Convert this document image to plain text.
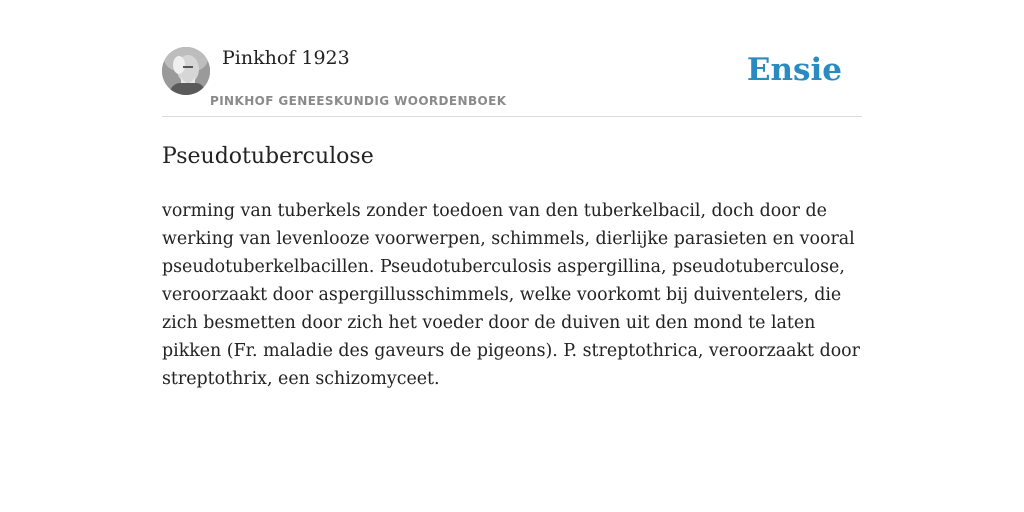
Pinkhof 1923
PINKHOF GENEESKUNDIG WOORDENBOEK
Ensie
Pseudotuberculose

vorming van tuberkels zonder toedoen van den tuberkelbacil, doch door de werking van levenlooze voorwerpen, schimmels, dierlijke parasieten en vooral pseudotuberkelbacillen. Pseudotuberculosis aspergillina, pseudotuberculose, veroorzaakt door aspergillusschimmels, welke voorkomt bij duiventelers, die zich besmetten door zich het voeder door de duiven uit den mond te laten pikken (Fr. maladie des gaveurs de pigeons). P. streptothrica, veroorzaakt door streptothrix, een schizomyceet.
